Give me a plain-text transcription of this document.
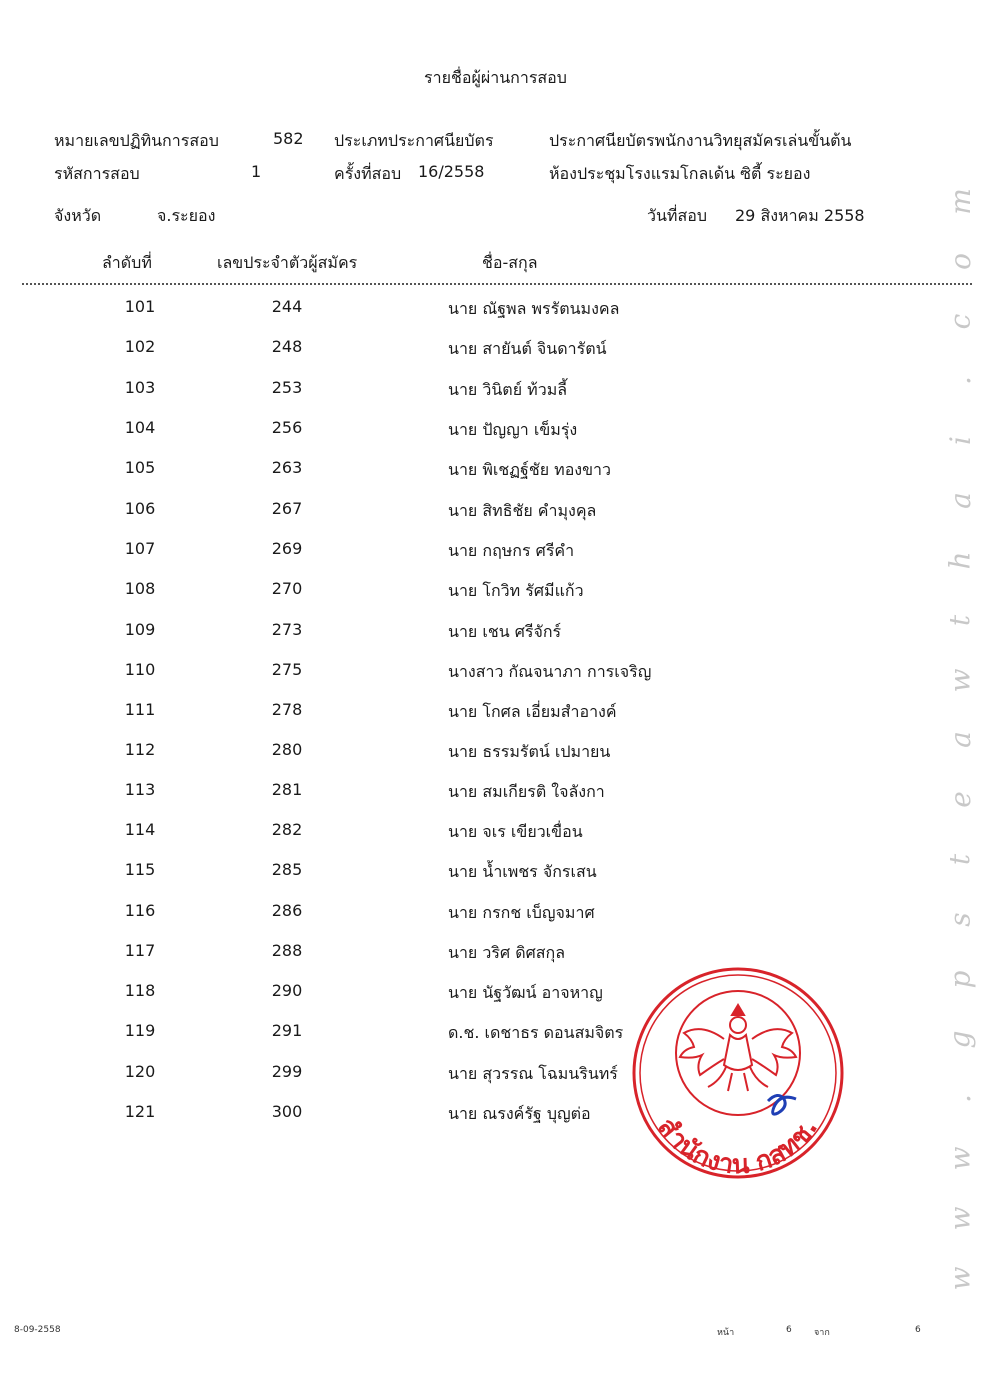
รายชื่อผู้ผ่านการสอบ
หมายเลขปฏิทินการสอบ	582 ประเภทประกาศนียบัตร	ประกาศนียบัตรพนักงานวิทยุสมัครเล่นขั้นต้น
รหัสการสอบ	1	ครั้งที่สอบ 16/2558	ห้องประชุมโรงแรมโกลเด้น ซิตี้ ระยอง
จังหวัด	จ.ระยอง	วันที่สอบ 29 สิงหาคม 2558
ลำดับที่	เลขประจำตัวผู้สมัคร	ชื่อ-สกุล
101	244	นาย ณัฐพล พรรัตนมงคล
102	248	นาย สายันต์ จินดารัตน์
103	253	นาย วินิตย์ ท้วมลี้
104	256	นาย ปัญญา เข็มรุ่ง
105	263	นาย พิเชฏฐ์ชัย ทองขาว
106	267	นาย สิทธิชัย คำมุงคุล
107	269	นาย กฤษกร ศรีคำ
108	270	นาย โกวิท รัศมีแก้ว
109	273	นาย เชน ศรีจักร์
110	275	นางสาว กัณจนาภา การเจริญ
111	278	นาย โกศล เอี่ยมสำอางค์
112	280	นาย ธรรมรัตน์ เปมายน
113	281	นาย สมเกียรติ ใจลังกา
114	282	นาย จเร เขียวเขื่อน
115	285	นาย น้ำเพชร จักรเสน
116	286	นาย กรกช เบ็ญจมาศ
117	288	นาย วริศ ดิศสกุล
118	290	นาย นัฐวัฒน์ อาจหาญ
119	291	ด.ช. เดชาธร ดอนสมจิตร
120	299	นาย สุวรรณ โฉมนรินทร์
121	300	นาย ณรงค์รัฐ บุญต่อ สำนักงาน กสทช.
m
o
c
.
i
a
h
t
w
a
e
t
s
p
g
.
w
w
w
8-09-2558	หน้า	6 จาก	6
